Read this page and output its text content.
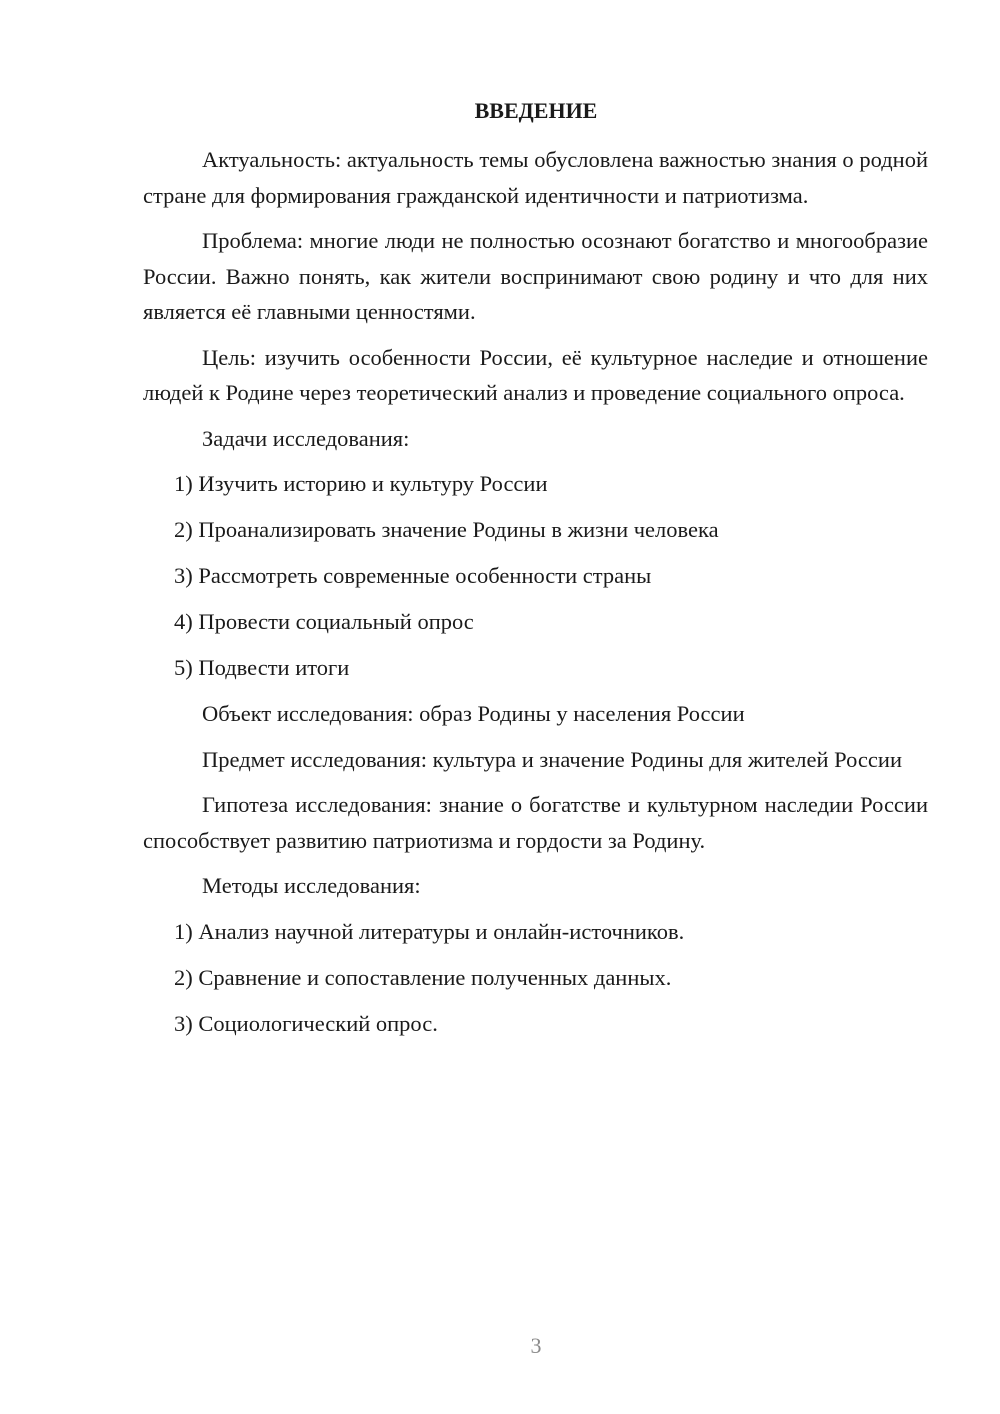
ВВЕДЕНИЕ

Актуальность: актуальность темы обусловлена важностью знания о родной стране для формирования гражданской идентичности и патриотизма.

Проблема: многие люди не полностью осознают богатство и многообразие России. Важно понять, как жители воспринимают свою родину и что для них является её главными ценностями.

Цель: изучить особенности России, её культурное наследие и отношение людей к Родине через теоретический анализ и проведение социального опроса.

Задачи исследования:

1) Изучить историю и культуру России

2) Проанализировать значение Родины в жизни человека

3) Рассмотреть современные особенности страны

4) Провести социальный опрос

5) Подвести итоги

Объект исследования: образ Родины у населения России

Предмет исследования: культура и значение Родины для жителей России

Гипотеза исследования: знание о богатстве и культурном наследии России способствует развитию патриотизма и гордости за Родину.

Методы исследования:

1) Анализ научной литературы и онлайн-источников.

2) Сравнение и сопоставление полученных данных.

3) Социологический опрос.

3
